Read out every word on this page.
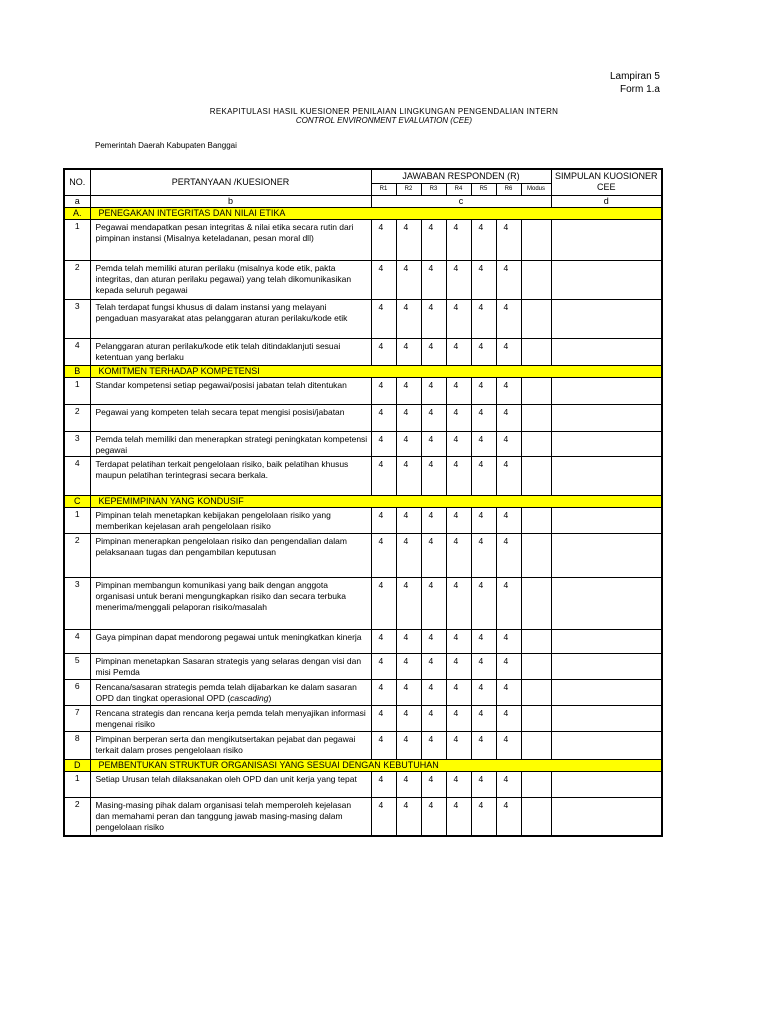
Lampiran 5
Form 1.a
REKAPITULASI HASIL KUESIONER PENILAIAN LINGKUNGAN PENGENDALIAN INTERN
CONTROL ENVIRONMENT EVALUATION (CEE)
Pemerintah Daerah Kabupaten Banggai
NO.	PERTANYAAN /KUESIONER	JAWABAN RESPONDEN (R)							SIMPULAN KUOSIONER CEE
		R1	R2	R3	R4	R5	R6	Modus	
a	b	c							d
A.	PENEGAKAN INTEGRITAS DAN NILAI ETIKA								
1	Pegawai mendapatkan pesan integritas & nilai etika secara rutin dari pimpinan instansi (Misalnya keteladanan, pesan moral dll)	4	4	4	4	4	4		
2	Pemda telah memiliki aturan perilaku (misalnya kode etik, pakta integritas, dan aturan perilaku pegawai) yang telah dikomunikasikan kepada seluruh pegawai	4	4	4	4	4	4		
3	Telah terdapat fungsi khusus di dalam instansi yang melayani pengaduan masyarakat atas pelanggaran aturan perilaku/kode etik	4	4	4	4	4	4		
4	Pelanggaran aturan perilaku/kode etik telah ditindaklanjuti sesuai ketentuan yang berlaku	4	4	4	4	4	4		
B	KOMITMEN TERHADAP KOMPETENSI								
1	Standar kompetensi setiap pegawai/posisi jabatan telah ditentukan	4	4	4	4	4	4		
2	Pegawai yang kompeten telah secara tepat mengisi posisi/jabatan	4	4	4	4	4	4		
3	Pemda telah memiliki dan menerapkan strategi peningkatan kompetensi pegawai	4	4	4	4	4	4		
4	Terdapat pelatihan terkait pengelolaan risiko, baik pelatihan khusus maupun pelatihan terintegrasi secara berkala.	4	4	4	4	4	4		
C	KEPEMIMPINAN YANG KONDUSIF								
1	Pimpinan telah menetapkan kebijakan pengelolaan risiko yang memberikan kejelasan arah pengelolaan risiko	4	4	4	4	4	4		
2	Pimpinan menerapkan pengelolaan risiko dan pengendalian dalam pelaksanaan tugas dan pengambilan keputusan	4	4	4	4	4	4		
3	Pimpinan membangun komunikasi yang baik dengan anggota organisasi untuk berani mengungkapkan risiko dan secara terbuka menerima/menggali pelaporan risiko/masalah	4	4	4	4	4	4		
4	Gaya pimpinan dapat mendorong pegawai untuk meningkatkan kinerja	4	4	4	4	4	4		
5	Pimpinan menetapkan Sasaran strategis yang selaras dengan visi dan misi Pemda	4	4	4	4	4	4		
6	Rencana/sasaran strategis pemda telah dijabarkan ke dalam sasaran OPD dan tingkat operasional OPD (cascading)	4	4	4	4	4	4		
7	Rencana strategis dan rencana kerja pemda telah menyajikan informasi mengenai risiko	4	4	4	4	4	4		
8	Pimpinan berperan serta dan mengikutsertakan pejabat dan pegawai terkait dalam proses pengelolaan risiko	4	4	4	4	4	4		
D	PEMBENTUKAN STRUKTUR ORGANISASI YANG SESUAI DENGAN KEBUTUHAN								
1	Setiap Urusan telah dilaksanakan oleh OPD dan unit kerja yang tepat	4	4	4	4	4	4		
2	Masing-masing pihak dalam organisasi telah memperoleh kejelasan dan memahami peran dan tanggung jawab masing-masing dalam pengelolaan risiko	4	4	4	4	4	4		
